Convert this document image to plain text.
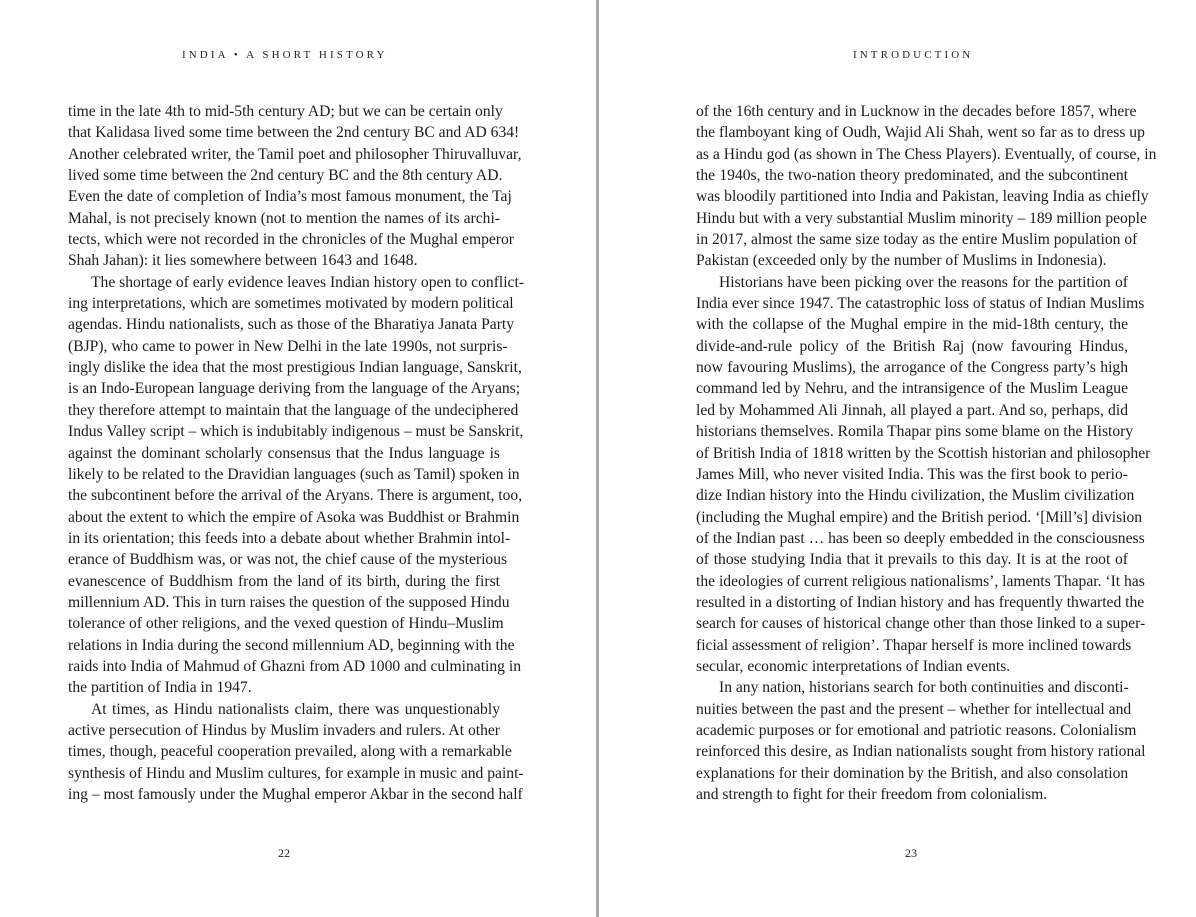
INDIA • A SHORT HISTORY
time in the late 4th to mid-5th century AD; but we can be certain only
that Kalidasa lived some time between the 2nd century BC and AD 634!
Another celebrated writer, the Tamil poet and philosopher Thiruvalluvar,
lived some time between the 2nd century BC and the 8th century AD.
Even the date of completion of India’s most famous monument, the Taj
Mahal, is not precisely known (not to mention the names of its archi-
tects, which were not recorded in the chronicles of the Mughal emperor
Shah Jahan): it lies somewhere between 1643 and 1648.
The shortage of early evidence leaves Indian history open to conflict-
ing interpretations, which are sometimes motivated by modern political
agendas. Hindu nationalists, such as those of the Bharatiya Janata Party
(BJP), who came to power in New Delhi in the late 1990s, not surpris-
ingly dislike the idea that the most prestigious Indian language, Sanskrit,
is an Indo-European language deriving from the language of the Aryans;
they therefore attempt to maintain that the language of the undeciphered
Indus Valley script – which is indubitably indigenous – must be Sanskrit,
against the dominant scholarly consensus that the Indus language is
likely to be related to the Dravidian languages (such as Tamil) spoken in
the subcontinent before the arrival of the Aryans. There is argument, too,
about the extent to which the empire of Asoka was Buddhist or Brahmin
in its orientation; this feeds into a debate about whether Brahmin intol-
erance of Buddhism was, or was not, the chief cause of the mysterious
evanescence of Buddhism from the land of its birth, during the first
millennium AD. This in turn raises the question of the supposed Hindu
tolerance of other religions, and the vexed question of Hindu–Muslim
relations in India during the second millennium AD, beginning with the
raids into India of Mahmud of Ghazni from AD 1000 and culminating in
the partition of India in 1947.
At times, as Hindu nationalists claim, there was unquestionably
active persecution of Hindus by Muslim invaders and rulers. At other
times, though, peaceful cooperation prevailed, along with a remarkable
synthesis of Hindu and Muslim cultures, for example in music and paint-
ing – most famously under the Mughal emperor Akbar in the second half
22
INTRODUCTION
of the 16th century and in Lucknow in the decades before 1857, where
the flamboyant king of Oudh, Wajid Ali Shah, went so far as to dress up
as a Hindu god (as shown in The Chess Players). Eventually, of course, in
the 1940s, the two-nation theory predominated, and the subcontinent
was bloodily partitioned into India and Pakistan, leaving India as chiefly
Hindu but with a very substantial Muslim minority – 189 million people
in 2017, almost the same size today as the entire Muslim population of
Pakistan (exceeded only by the number of Muslims in Indonesia).
Historians have been picking over the reasons for the partition of
India ever since 1947. The catastrophic loss of status of Indian Muslims
with the collapse of the Mughal empire in the mid-18th century, the
divide-and-rule policy of the British Raj (now favouring Hindus,
now favouring Muslims), the arrogance of the Congress party’s high
command led by Nehru, and the intransigence of the Muslim League
led by Mohammed Ali Jinnah, all played a part. And so, perhaps, did
historians themselves. Romila Thapar pins some blame on the History
of British India of 1818 written by the Scottish historian and philosopher
James Mill, who never visited India. This was the first book to perio-
dize Indian history into the Hindu civilization, the Muslim civilization
(including the Mughal empire) and the British period. ‘[Mill’s] division
of the Indian past … has been so deeply embedded in the consciousness
of those studying India that it prevails to this day. It is at the root of
the ideologies of current religious nationalisms’, laments Thapar. ‘It has
resulted in a distorting of Indian history and has frequently thwarted the
search for causes of historical change other than those linked to a super-
ficial assessment of religion’. Thapar herself is more inclined towards
secular, economic interpretations of Indian events.
In any nation, historians search for both continuities and disconti-
nuities between the past and the present – whether for intellectual and
academic purposes or for emotional and patriotic reasons. Colonialism
reinforced this desire, as Indian nationalists sought from history rational
explanations for their domination by the British, and also consolation
and strength to fight for their freedom from colonialism.
23
